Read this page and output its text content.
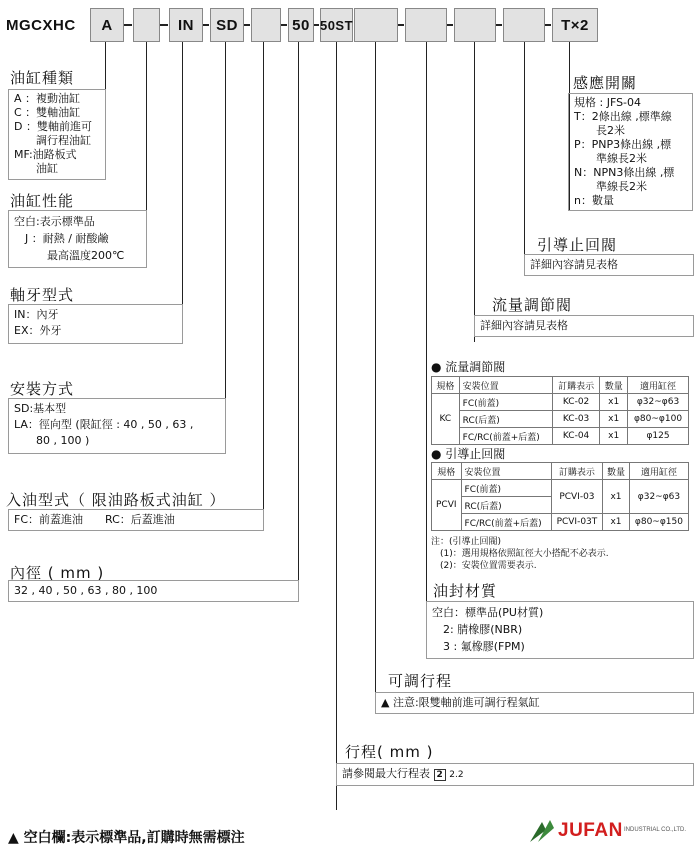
MGCXHC	A	IN	SD	50 50ST	T×2
油缸種類
A ：複動油缸
C ：雙軸油缸
D ：雙軸前進可
　　調行程油缸
MF:油路板式
　　油缸
油缸性能
空白:表示標準品
　J ：耐熱 / 耐酸鹼
　　　最高溫度200℃
軸牙型式
IN：內牙
EX：外牙
安裝方式
SD:基本型
LA：徑向型 (限缸徑 : 40 , 50 , 63 ,
　　80 , 100 )
入油型式（ 限油路板式油缸 ）
FC：前蓋進油　　RC：后蓋進油
內徑 ( mm )
32 , 40 , 50 , 63 , 80 , 100
感應開關
規格 : JFS-04
T：2條出線 ,標準線
　　長2米
P：PNP3條出線 ,標
　　準線長2米
N：NPN3條出線 ,標
　　準線長2米
n：數量
引導止回閥
詳細內容請見表格
流量調節閥
詳細內容請見表格
● 流量調節閥
規格	安裝位置	訂購表示	數量	適用缸徑
KC	FC(前蓋)	KC-02	x1	φ32~φ63
	RC(后蓋)	KC-03	x1	φ80~φ100
	FC/RC(前蓋+后蓋)	KC-04	x1	φ125
● 引導止回閥
規格	安裝位置	訂購表示	數量	適用缸徑
PCVI	FC(前蓋)	PCVI-03	x1	φ32~φ63
	RC(后蓋)			
	FC/RC(前蓋+后蓋)	PCVI-03T	x1	φ80~φ150
注：(引導止回閥)
　(1)：選用規格依照缸徑大小搭配不必表示.
　(2)：安裝位置需要表示.
油封材質
空白：標準品(PU材質)
　2: 腈橡膠(NBR)
　3 : 氟橡膠(FPM)
可調行程
▲ 注意:限雙軸前進可調行程氣缸
行程( mm )
請參閱最大行程表 2 2.2
▲ 空白欄:表示標準品,訂購時無需標注	JUFAN INDUSTRIAL CO.,LTD.
